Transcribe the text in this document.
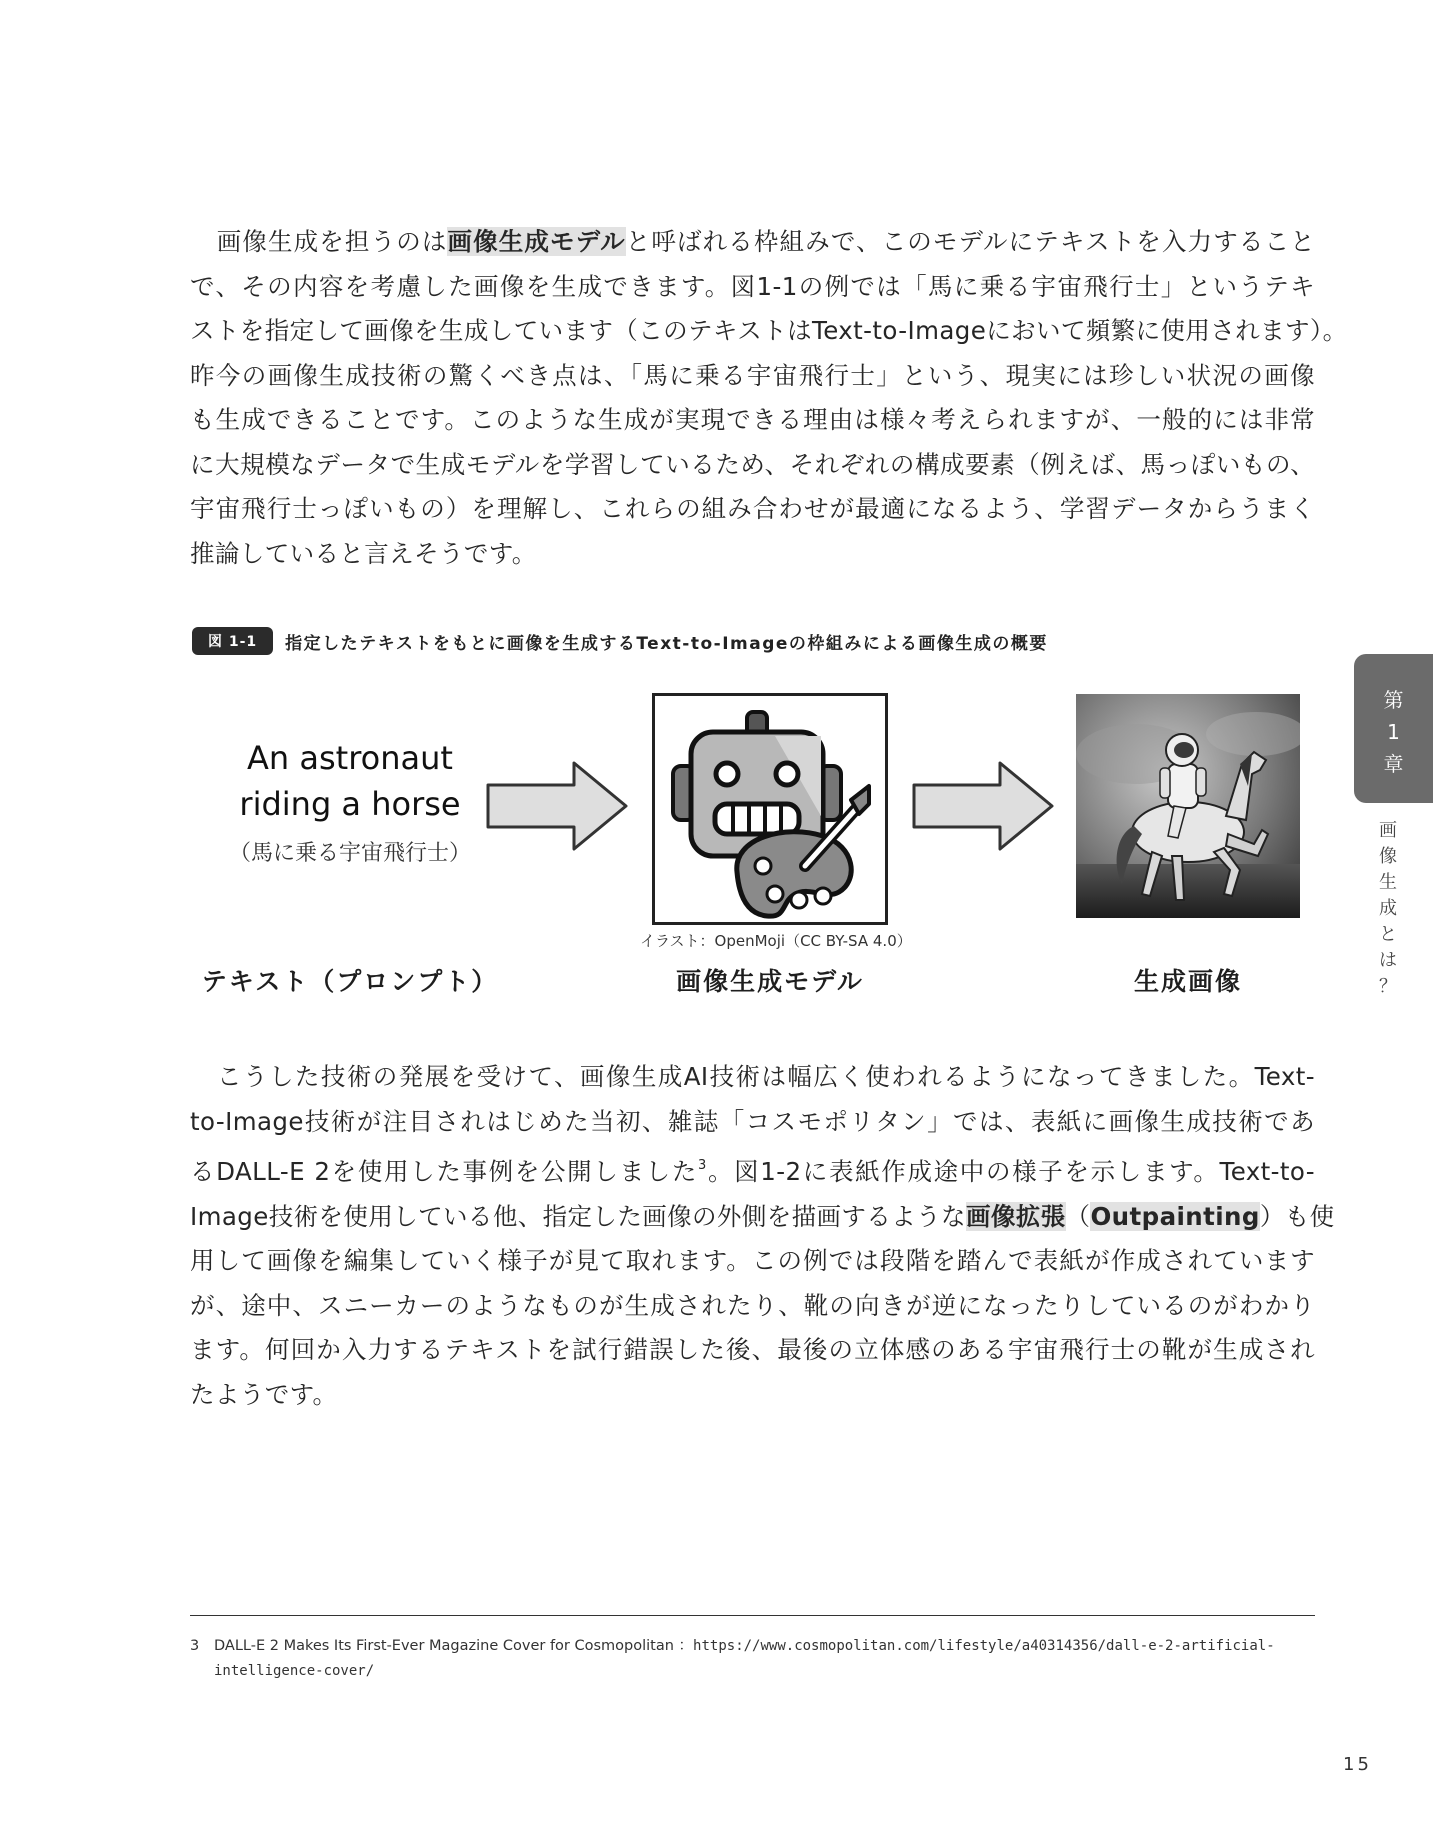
画像生成を担うのは画像生成モデルと呼ばれる枠組みで、このモデルにテキストを入力すること
で、その内容を考慮した画像を生成できます。図1-1の例では「馬に乗る宇宙飛行士」というテキ
ストを指定して画像を生成しています（このテキストはText-to-Imageにおいて頻繁に使用されます）。
昨今の画像生成技術の驚くべき点は、「馬に乗る宇宙飛行士」という、現実には珍しい状況の画像
も生成できることです。このような生成が実現できる理由は様々考えられますが、一般的には非常
に大規模なデータで生成モデルを学習しているため、それぞれの構成要素（例えば、馬っぽいもの、
宇宙飛行士っぽいもの）を理解し、これらの組み合わせが最適になるよう、学習データからうまく
推論していると言えそうです。
図 1-1	指定したテキストをもとに画像を生成するText-to-Imageの枠組みによる画像生成の概要
An astronaut
riding a horse
（馬に乗る宇宙飛行士）
イラスト：OpenMoji（CC BY-SA 4.0）
テキスト（プロンプト）	画像生成モデル	生成画像
第
1
章
画
像
生
成
と
は
？
こうした技術の発展を受けて、画像生成AI技術は幅広く使われるようになってきました。Text-
to-Image技術が注目されはじめた当初、雑誌「コスモポリタン」では、表紙に画像生成技術であ
るDALL-E 2を使用した事例を公開しました$^3$。図1-2に表紙作成途中の様子を示します。Text-to-
Image技術を使用している他、指定した画像の外側を描画するような画像拡張（Outpainting）も使
用して画像を編集していく様子が見て取れます。この例では段階を踏んで表紙が作成されています
が、途中、スニーカーのようなものが生成されたり、靴の向きが逆になったりしているのがわかり
ます。何回か入力するテキストを試行錯誤した後、最後の立体感のある宇宙飛行士の靴が生成され
たようです。
3 DALL-E 2 Makes Its First-Ever Magazine Cover for Cosmopolitan ：https://www.cosmopolitan.com/lifestyle/a40314356/dall-e-2-artificial-
intelligence-cover/
15
